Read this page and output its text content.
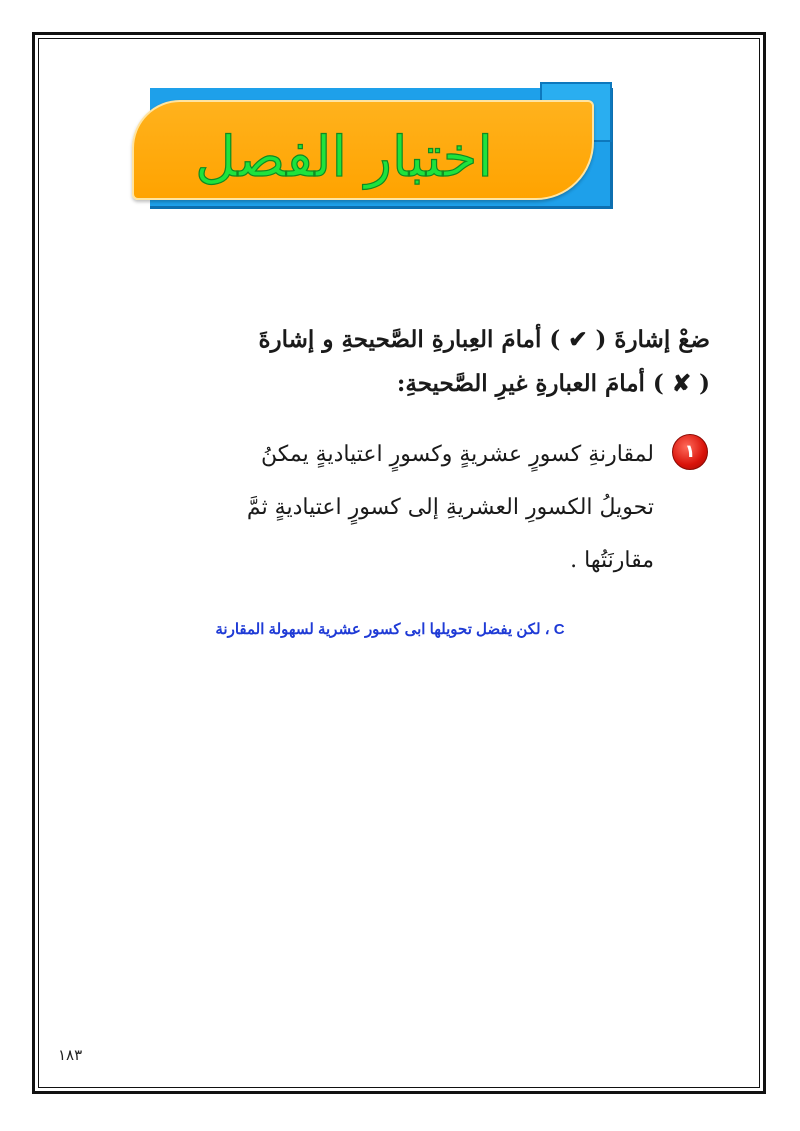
اختبار الفصل
ضعْ إشارةَ ( ✔ ) أمامَ العِبارةِ الصَّحيحةِ و إشارةَ
( ✘ ) أمامَ العبارةِ غيرِ الصَّحيحةِ:
١
لمقارنةِ كسورٍ عشريةٍ وكسورٍ اعتياديةٍ يمكنُ
تحويلُ الكسورِ العشريةِ إلى كسورٍ اعتياديةٍ ثمَّ
مقارنَتُها .
C ، لكن يفضل تحويلها ابى كسور عشرية لسهولة المقارنة
١٨٣
